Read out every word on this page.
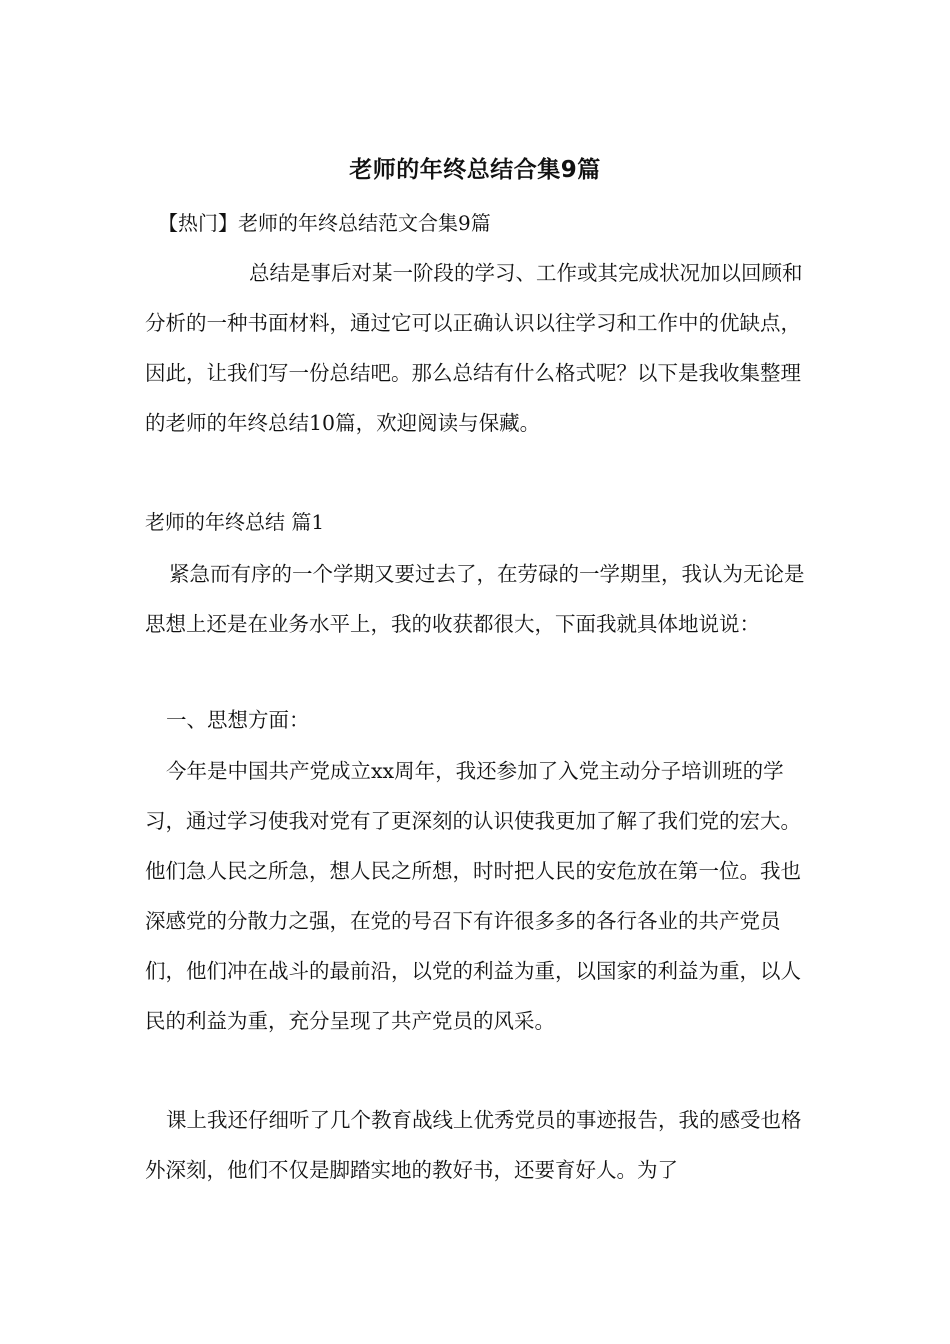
老师的年终总结合集9篇

【热门】老师的年终总结范文合集9篇

总结是事后对某一阶段的学习、工作或其完成状况加以回顾和分析的一种书面材料，通过它可以正确认识以往学习和工作中的优缺点，因此，让我们写一份总结吧。那么总结有什么格式呢？以下是我收集整理的老师的年终总结10篇，欢迎阅读与保藏。

老师的年终总结 篇1

紧急而有序的一个学期又要过去了，在劳碌的一学期里，我认为无论是思想上还是在业务水平上，我的收获都很大，下面我就具体地说说：

一、思想方面：

今年是中国共产党成立xx周年，我还参加了入党主动分子培训班的学习，通过学习使我对党有了更深刻的认识使我更加了解了我们党的宏大。他们急人民之所急，想人民之所想，时时把人民的安危放在第一位。我也深感党的分散力之强，在党的号召下有许很多多的各行各业的共产党员们，他们冲在战斗的最前沿，以党的利益为重，以国家的利益为重，以人民的利益为重，充分呈现了共产党员的风采。

课上我还仔细听了几个教育战线上优秀党员的事迹报告，我的感受也格外深刻，他们不仅是脚踏实地的教好书，还要育好人。为了
